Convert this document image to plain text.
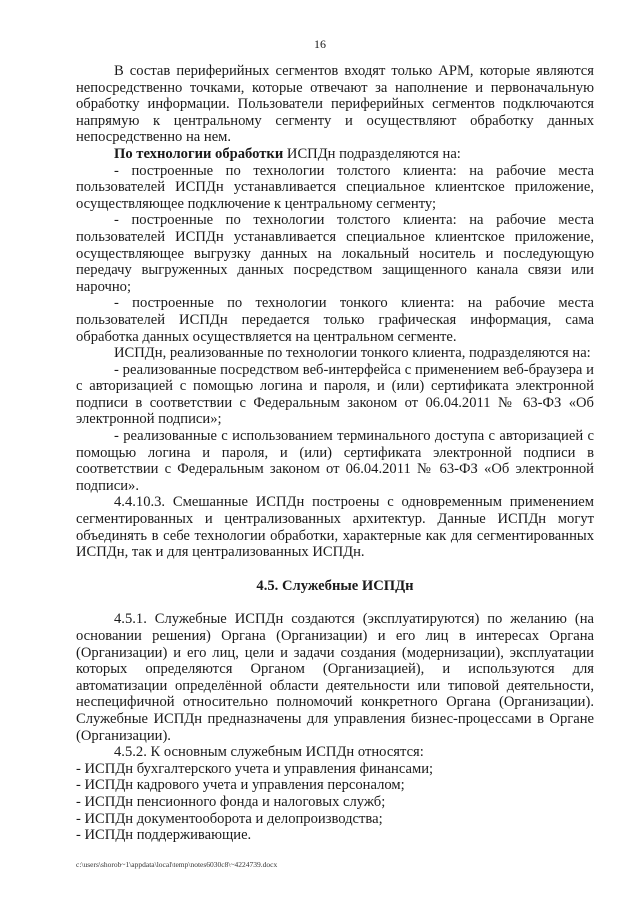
16

В состав периферийных сегментов входят только АРМ, которые являются непосредственно точками, которые отвечают за наполнение и первоначальную обработку информации. Пользователи периферийных сегментов подключаются напрямую к центральному сегменту и осуществляют обработку данных непосредственно на нем.

По технологии обработки ИСПДн подразделяются на:

- построенные по технологии толстого клиента: на рабочие места пользователей ИСПДн устанавливается специальное клиентское приложение, осуществляющее подключение к центральному сегменту;

- построенные по технологии толстого клиента: на рабочие места пользователей ИСПДн устанавливается специальное клиентское приложение, осуществляющее выгрузку данных на локальный носитель и последующую передачу выгруженных данных посредством защищенного канала связи или нарочно;

- построенные по технологии тонкого клиента: на рабочие места пользователей ИСПДн передается только графическая информация, сама обработка данных осуществляется на центральном сегменте.

ИСПДн, реализованные по технологии тонкого клиента, подразделяются на:

- реализованные посредством веб-интерфейса с применением веб-браузера и с авторизацией с помощью логина и пароля, и (или) сертификата электронной подписи в соответствии с Федеральным законом от 06.04.2011 № 63-ФЗ «Об электронной подписи»;

- реализованные с использованием терминального доступа с авторизацией с помощью логина и пароля, и (или) сертификата электронной подписи в соответствии с Федеральным законом от 06.04.2011 № 63-ФЗ «Об электронной подписи».

4.4.10.3. Смешанные ИСПДн построены с одновременным применением сегментированных и централизованных архитектур. Данные ИСПДн могут объединять в себе технологии обработки, характерные как для сегментированных ИСПДн, так и для централизованных ИСПДн.

4.5. Служебные ИСПДн

4.5.1. Служебные ИСПДн создаются (эксплуатируются) по желанию (на основании решения) Органа (Организации) и его лиц в интересах Органа (Организации) и его лиц, цели и задачи создания (модернизации), эксплуатации которых определяются Органом (Организацией), и используются для автоматизации определённой области деятельности или типовой деятельности, неспецифичной относительно полномочий конкретного Органа (Организации). Служебные ИСПДн предназначены для управления бизнес-процессами в Органе (Организации).

4.5.2. К основным служебным ИСПДн относятся:

- ИСПДн бухгалтерского учета и управления финансами;

- ИСПДн кадрового учета и управления персоналом;

- ИСПДн пенсионного фонда и налоговых служб;

- ИСПДн документооборота и делопроизводства;

- ИСПДн поддерживающие.

c:\users\shorob~1\appdata\local\temp\notes6030c8\~4224739.docx
